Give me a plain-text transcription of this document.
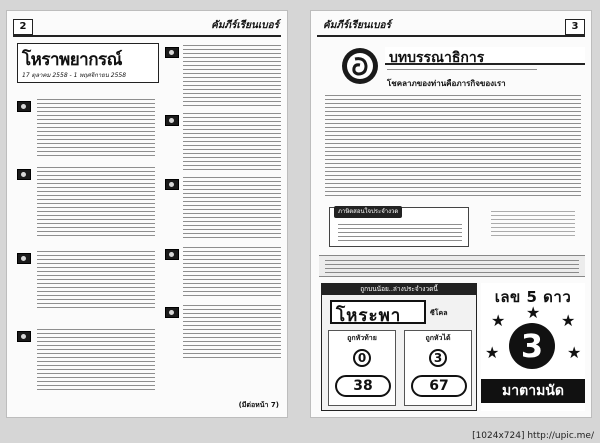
2	คัมภีร์เรียนเบอร์
โหราพยากรณ์
17 ตุลาคม 2558 - 1 พฤศจิกายน 2558
(มีต่อหน้า 7)
คัมภีร์เรียนเบอร์	3
บทบรรณาธิการ
โชคลาภของท่านคือภารกิจของเรา
ภาษิตสอนใจประจำงวด
ถูกบนน้อย..ล่างประจำงวดนี้
โหระพา	ซีโคล
ถูกหัวท้าย
0
38
ถูกหัวได้
3
67
เลข 5 ดาว
★	★
★	★
★
3
มาตามนัด
[1024x724] http://upic.me/
